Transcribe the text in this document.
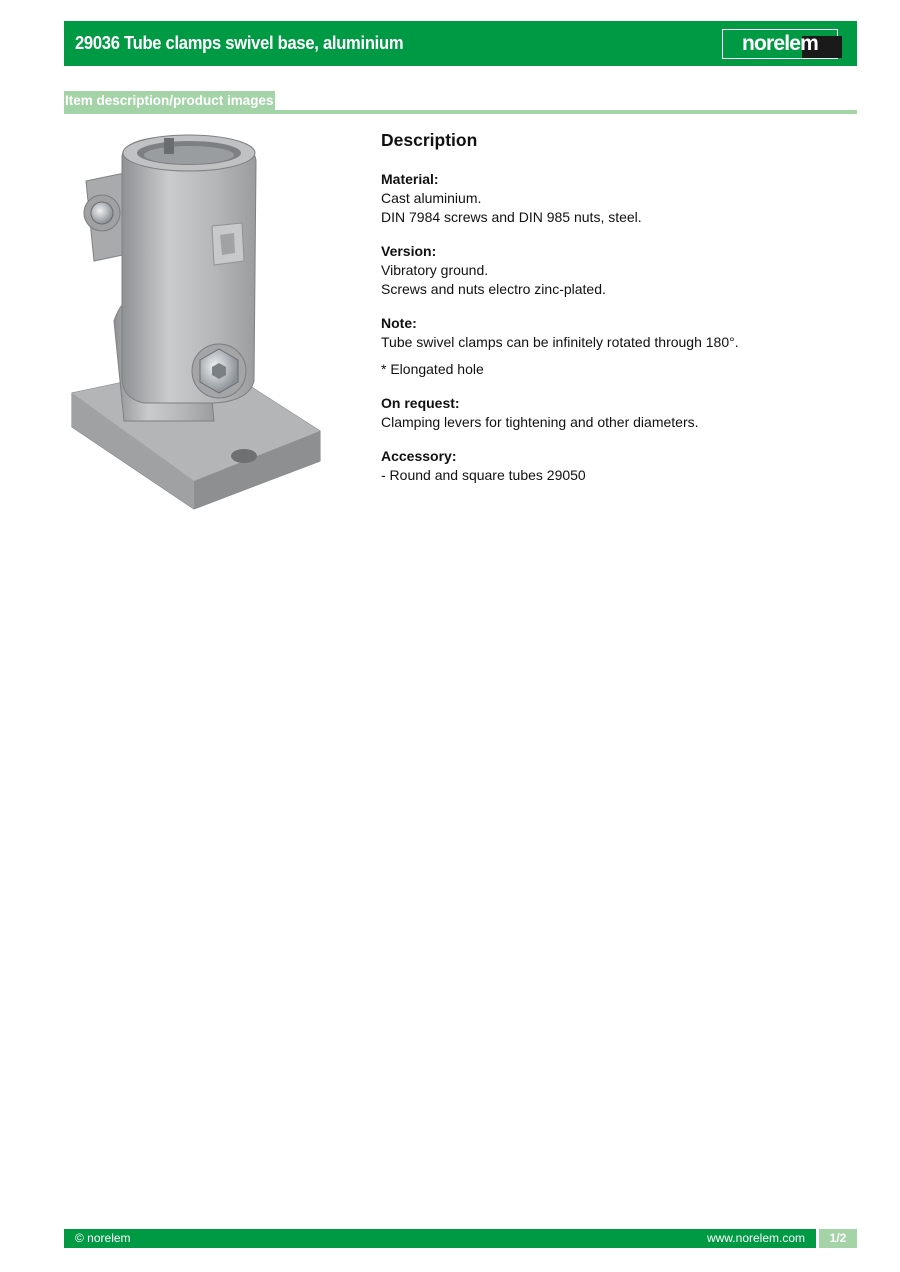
29036 Tube clamps swivel base, aluminium	norelem
Item description/product images
Description
Material:
Cast aluminium.
DIN 7984 screws and DIN 985 nuts, steel.
Version:
Vibratory ground.
Screws and nuts electro zinc-plated.
Note:
Tube swivel clamps can be infinitely rotated through 180°.
* Elongated hole
On request:
Clamping levers for tightening and other diameters.
Accessory:
- Round and square tubes 29050
© norelem	www.norelem.com	1/2
